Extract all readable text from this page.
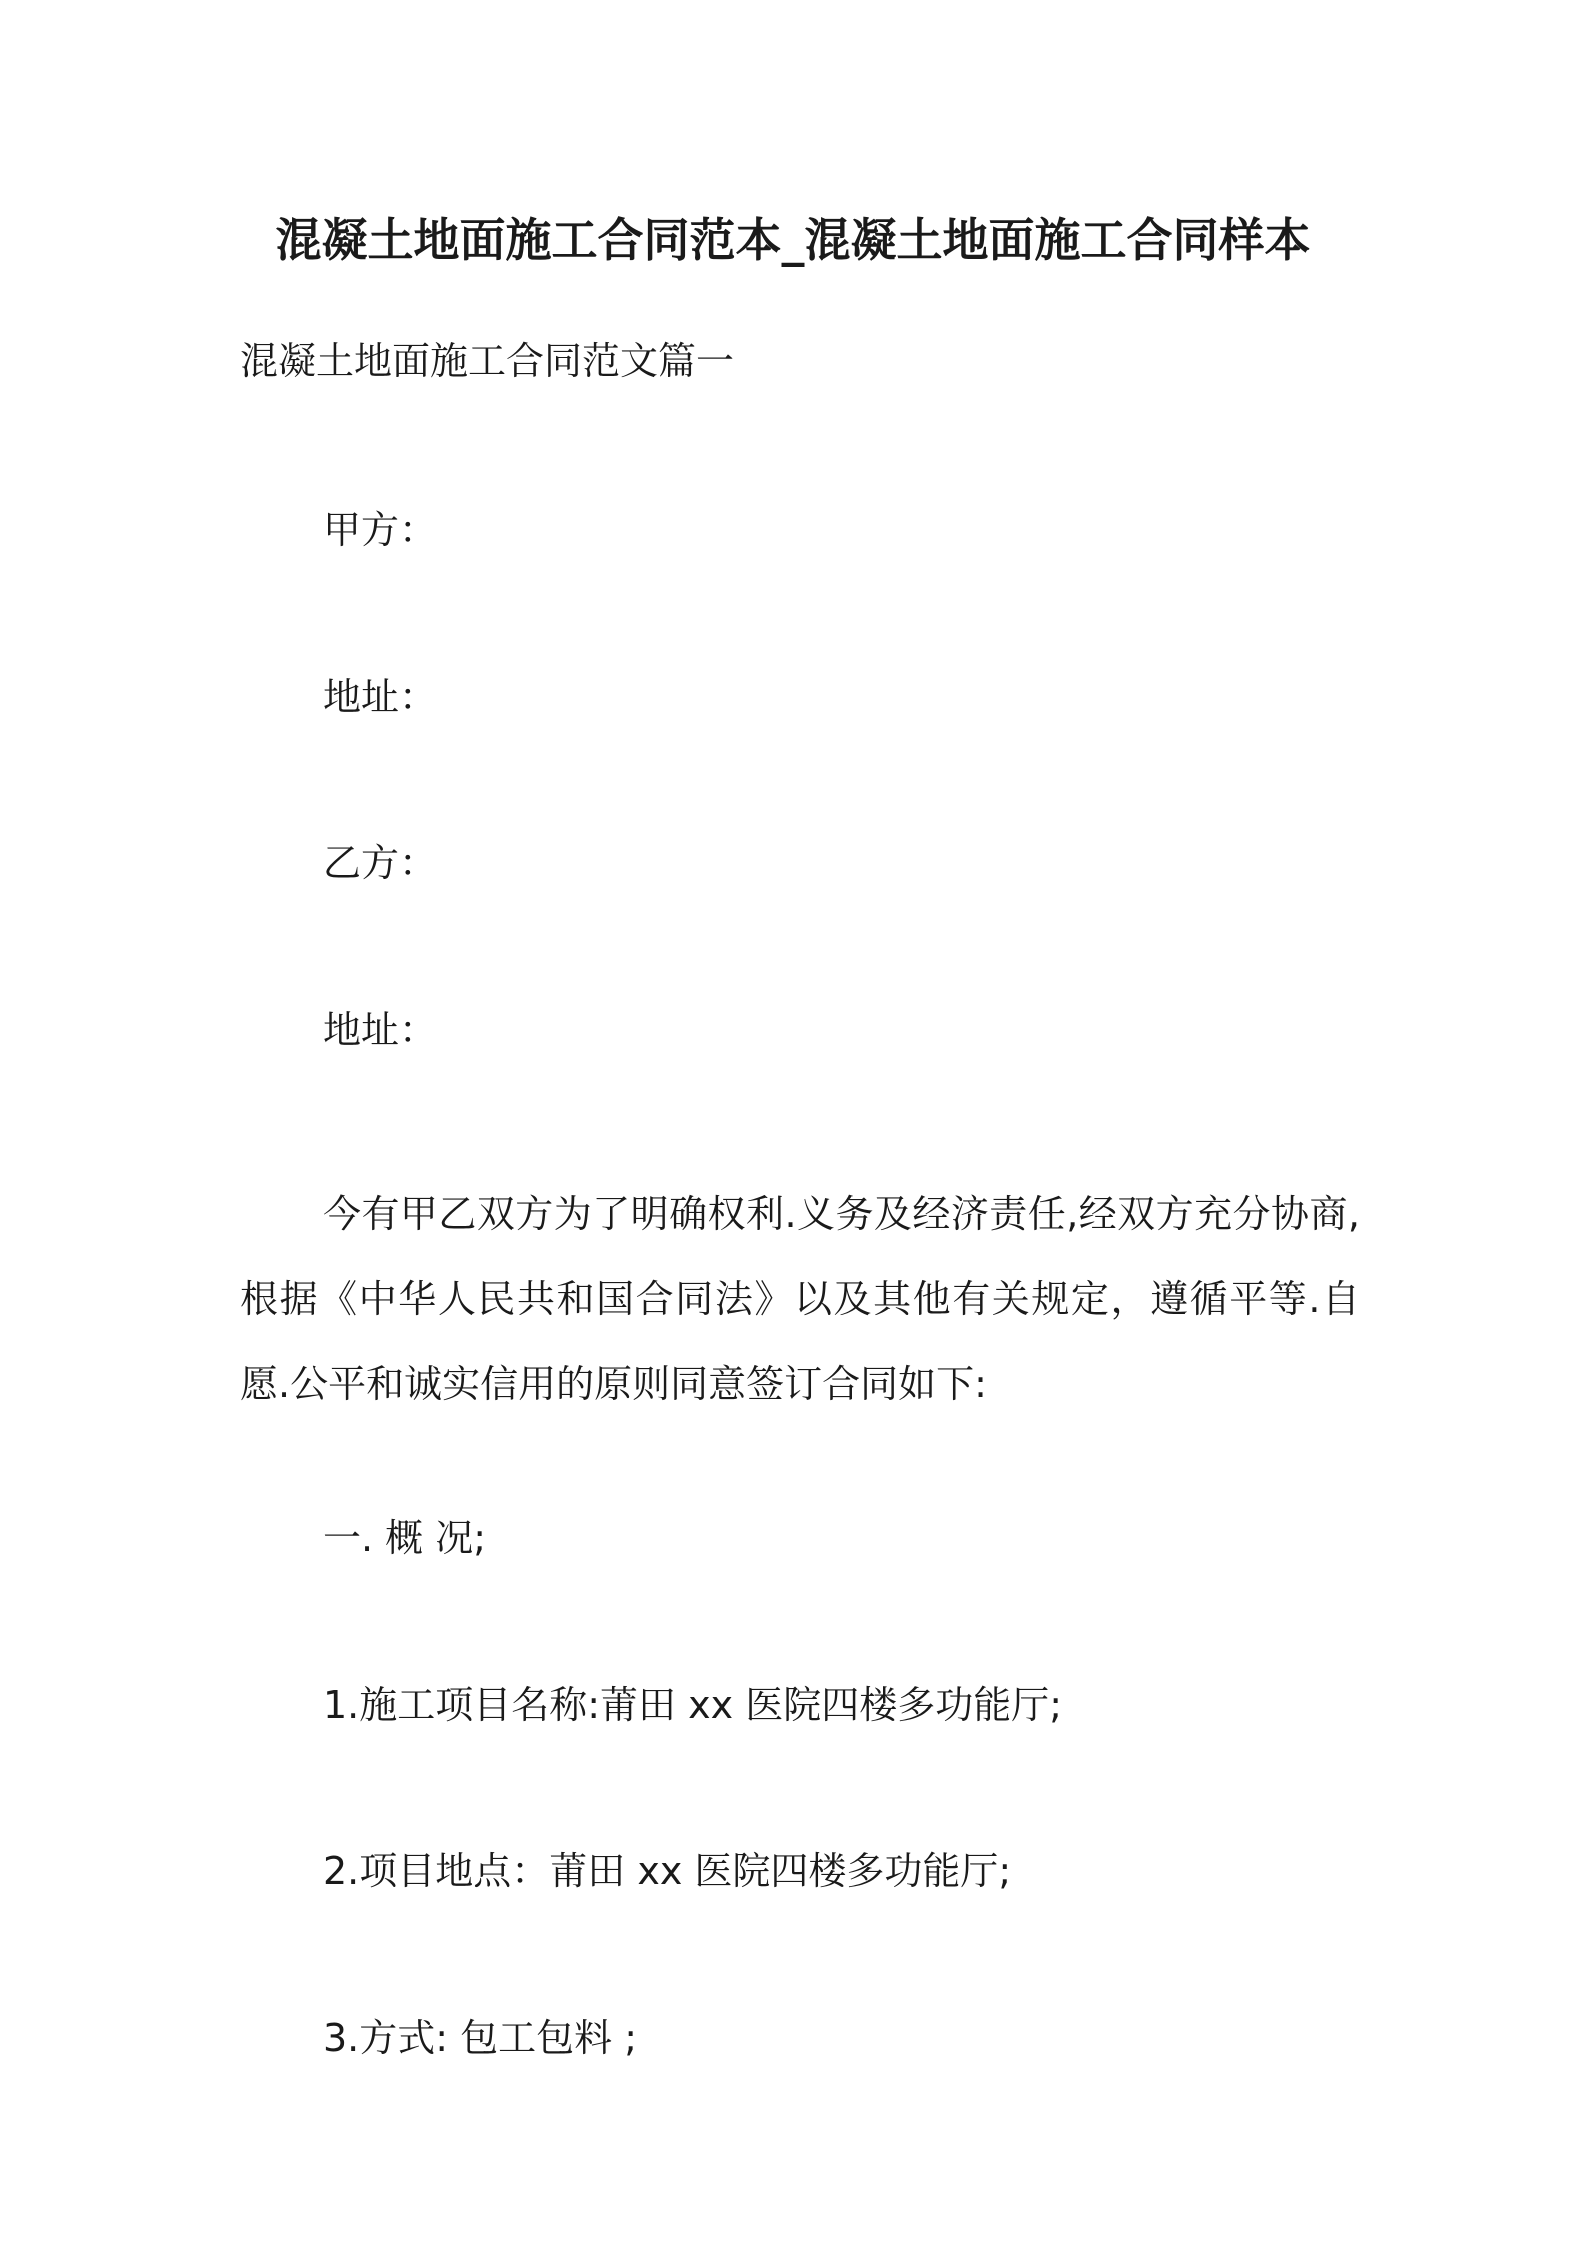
混凝土地面施工合同范本_混凝土地面施工合同样本

混凝土地面施工合同范文篇一

甲方：

地址：

乙方：

地址：

今有甲乙双方为了明确权利.义务及经济责任,经双方充分协商,根据《中华人民共和国合同法》以及其他有关规定，遵循平等.自愿.公平和诚实信用的原则同意签订合同如下:

一. 概 况;

1.施工项目名称:莆田 xx 医院四楼多功能厅;

2.项目地点：莆田 xx 医院四楼多功能厅;

3.方式: 包工包料 ;
